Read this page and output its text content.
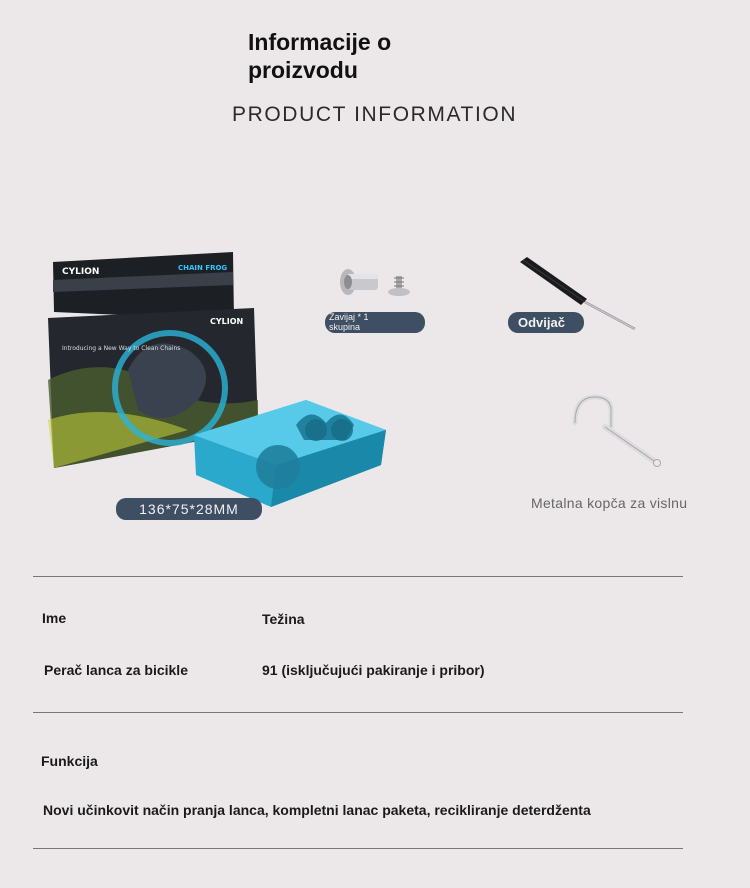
Informacije o proizvodu
PRODUCT INFORMATION
CYLION	CHAIN FROG
CYLION
Introducing a New Way to Clean Chains
136*75*28MM
Zavijaj * 1
skupina	Odvijač
Metalna kopča za vislnu
Ime	Težina
Perač lanca za bicikle	91 (isključujući pakiranje i pribor)
Funkcija
Novi učinkovit način pranja lanca, kompletni lanac paketa, recikliranje deterdženta
